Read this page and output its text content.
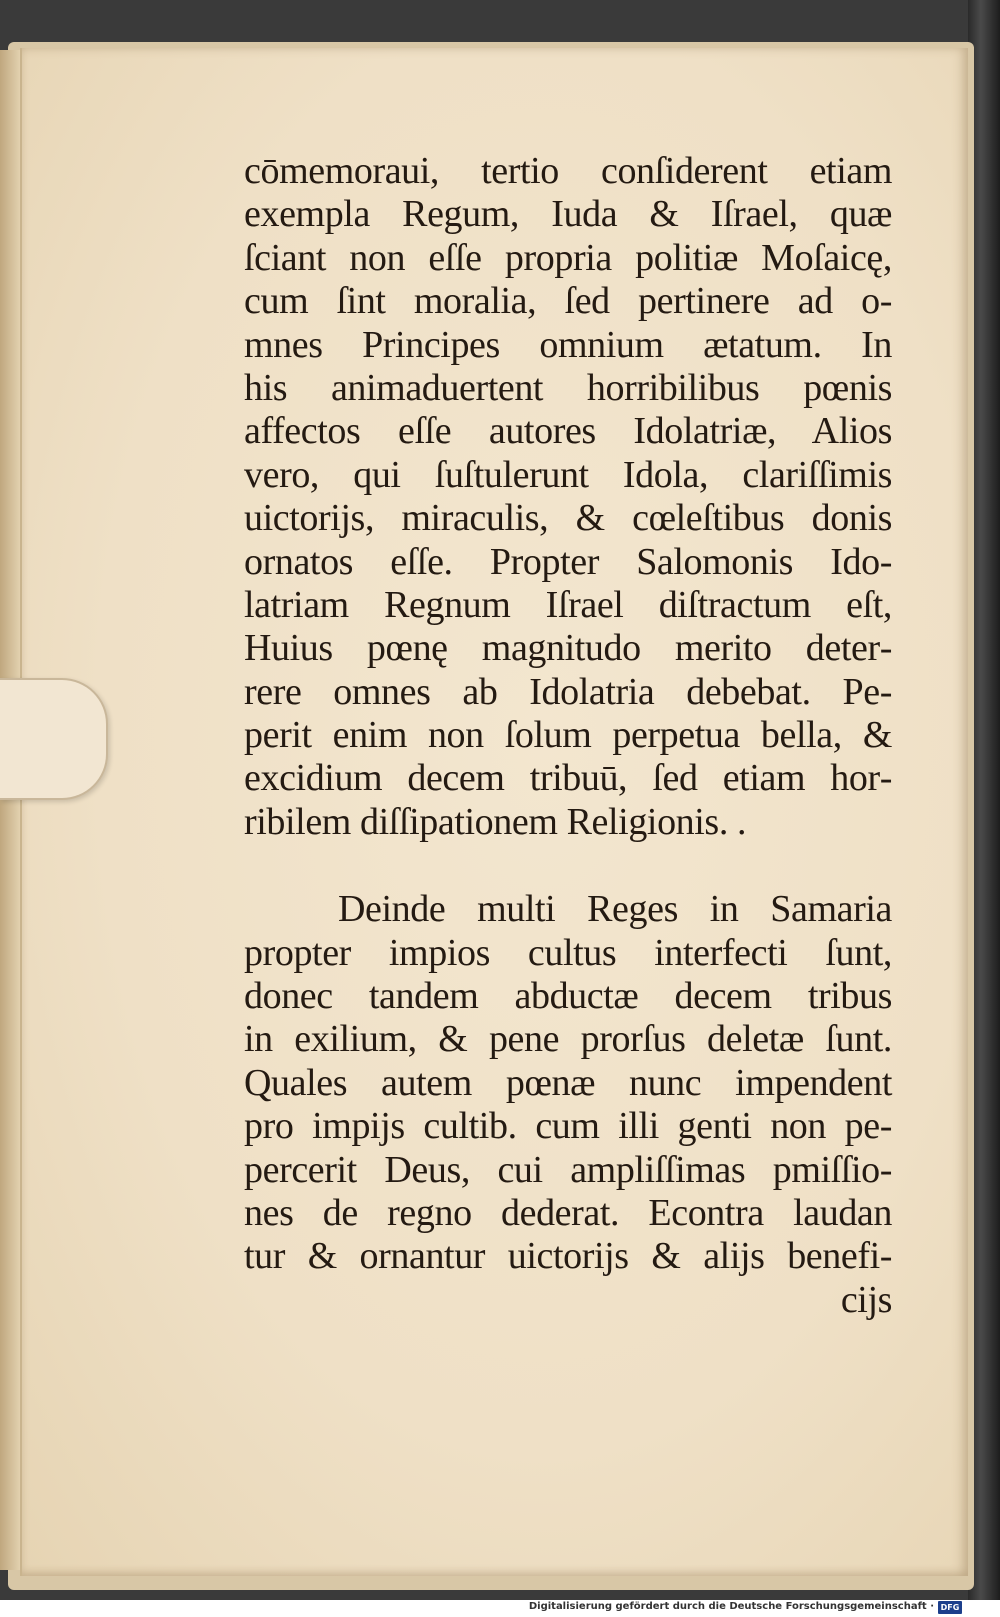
cōmemoraui, tertio conſiderent etiam
exempla Regum, Iuda & Iſrael, quæ
ſciant non eſſe propria politiæ Moſaicę,
cum ſint moralia, ſed pertinere ad o‑
mnes Principes omnium ætatum. In
his animaduertent horribilibus pœnis
affectos eſſe autores Idolatriæ, Alios
vero, qui ſuſtulerunt Idola, clariſſimis
uictorijs, miraculis, & cœleſtibus donis
ornatos eſſe. Propter Salomonis Ido‑
latriam Regnum Iſrael diſtractum eſt,
Huius pœnę magnitudo merito deter‑
rere omnes ab Idolatria debebat. Pe‑
perit enim non ſolum perpetua bella, &
excidium decem tribuū, ſed etiam hor‑
ribilem diſſipationem Religionis. .
Deinde multi Reges in Samaria
propter impios cultus interfecti ſunt,
donec tandem abductæ decem tribus
in exilium, & pene prorſus deletæ ſunt.
Quales autem pœnæ nunc impendent
pro impijs cultib. cum illi genti non pe‑
percerit Deus, cui ampliſſimas pmiſſio‑
nes de regno dederat. Econtra laudan
tur & ornantur uictorijs & alijs benefi‑
cijs
Digitalisierung gefördert durch die Deutsche Forschungsgemeinschaft · DFG
